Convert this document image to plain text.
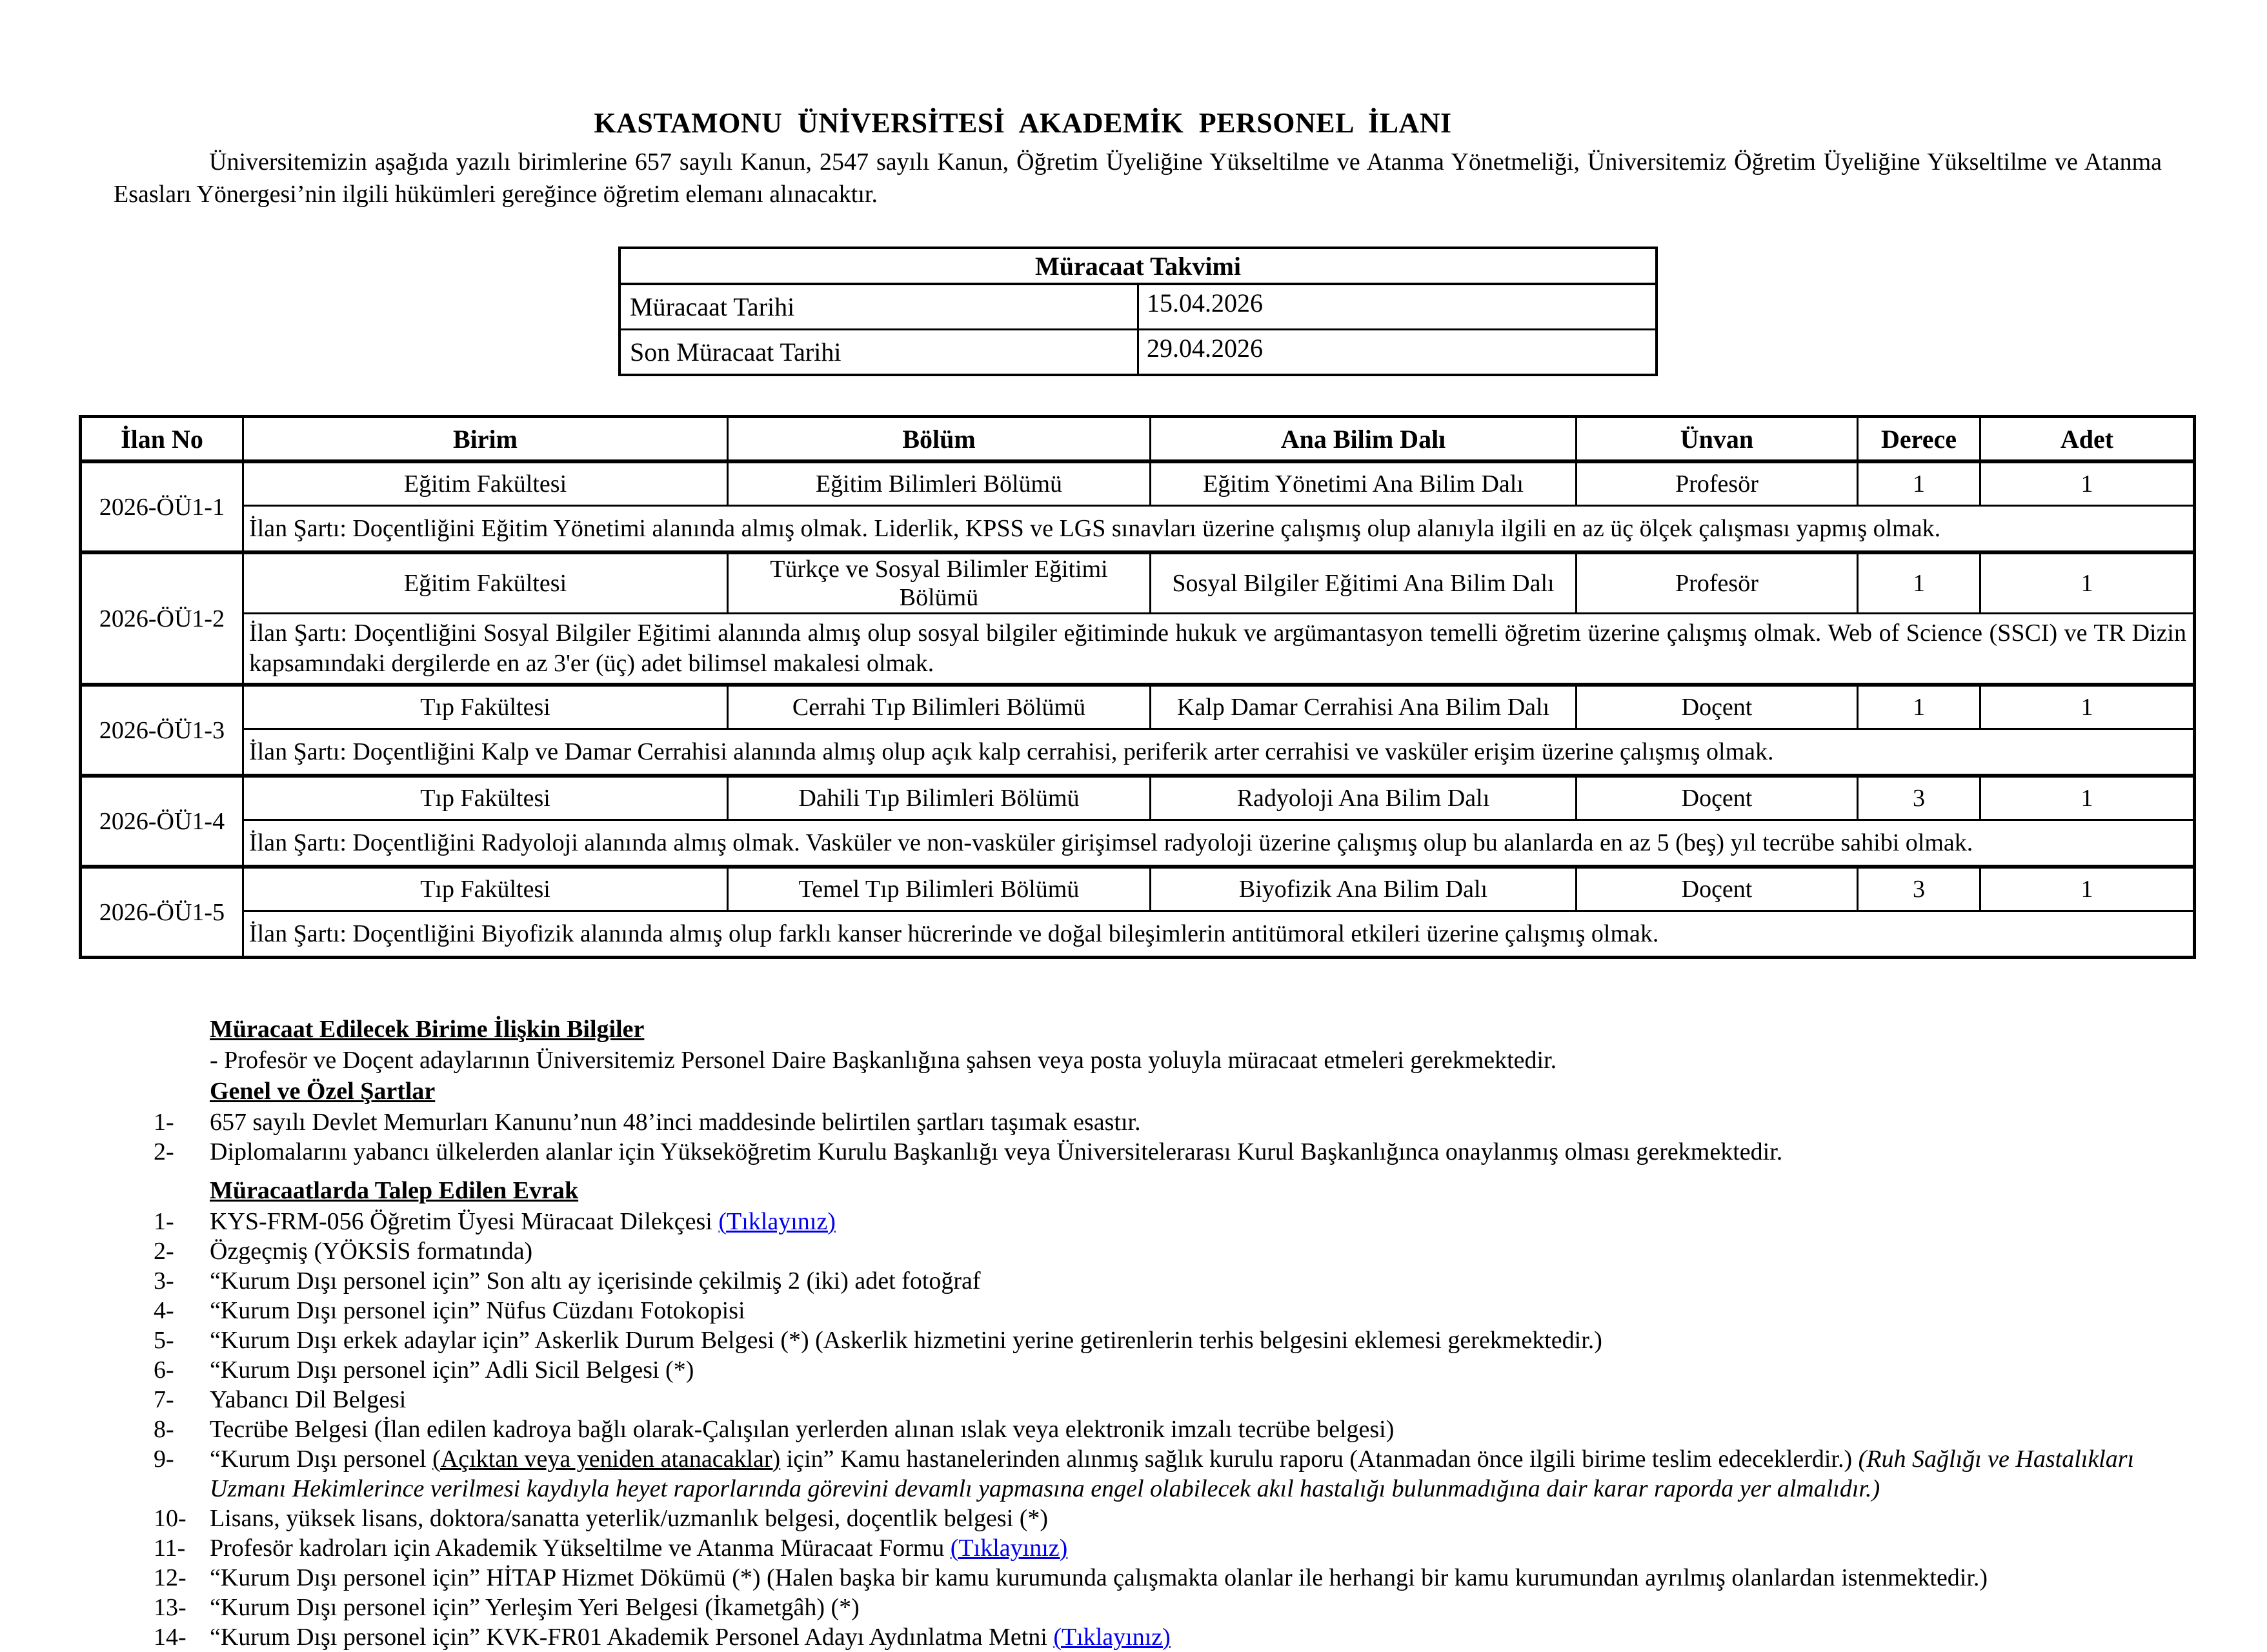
KASTAMONU ÜNİVERSİTESİ AKADEMİK PERSONEL İLANI

Üniversitemizin aşağıda yazılı birimlerine 657 sayılı Kanun, 2547 sayılı Kanun, Öğretim Üyeliğine Yükseltilme ve Atanma Yönetmeliği, Üniversitemiz Öğretim Üyeliğine Yükseltilme ve Atanma Esasları Yönergesi’nin ilgili hükümleri gereğince öğretim elemanı alınacaktır.

Müracaat Takvimi	
Müracaat Tarihi	15.04.2026
Son Müracaat Tarihi	29.04.2026
İlan No	Birim	Bölüm	Ana Bilim Dalı	Ünvan	Derece	Adet
2026-ÖÜ1-1	Eğitim Fakültesi	Eğitim Bilimleri Bölümü	Eğitim Yönetimi Ana Bilim Dalı	Profesör	1	1
	İlan Şartı: Doçentliğini Eğitim Yönetimi alanında almış olmak. Liderlik, KPSS ve LGS sınavları üzerine çalışmış olup alanıyla ilgili en az üç ölçek çalışması yapmış olmak.					
2026-ÖÜ1-2	Eğitim Fakültesi	Türkçe ve Sosyal Bilimler Eğitimi Bölümü	Sosyal Bilgiler Eğitimi Ana Bilim Dalı	Profesör	1	1
	İlan Şartı: Doçentliğini Sosyal Bilgiler Eğitimi alanında almış olup sosyal bilgiler eğitiminde hukuk ve argümantasyon temelli öğretim üzerine çalışmış olmak. Web of Science (SSCI) ve TR Dizin kapsamındaki dergilerde en az 3'er (üç) adet bilimsel makalesi olmak.					
2026-ÖÜ1-3	Tıp Fakültesi	Cerrahi Tıp Bilimleri Bölümü	Kalp Damar Cerrahisi Ana Bilim Dalı	Doçent	1	1
	İlan Şartı: Doçentliğini Kalp ve Damar Cerrahisi alanında almış olup açık kalp cerrahisi, periferik arter cerrahisi ve vasküler erişim üzerine çalışmış olmak.					
2026-ÖÜ1-4	Tıp Fakültesi	Dahili Tıp Bilimleri Bölümü	Radyoloji Ana Bilim Dalı	Doçent	3	1
	İlan Şartı: Doçentliğini Radyoloji alanında almış olmak. Vasküler ve non-vasküler girişimsel radyoloji üzerine çalışmış olup bu alanlarda en az 5 (beş) yıl tecrübe sahibi olmak.					
2026-ÖÜ1-5	Tıp Fakültesi	Temel Tıp Bilimleri Bölümü	Biyofizik Ana Bilim Dalı	Doçent	3	1
	İlan Şartı: Doçentliğini Biyofizik alanında almış olup farklı kanser hücrerinde ve doğal bileşimlerin antitümoral etkileri üzerine çalışmış olmak.					
Müracaat Edilecek Birime İlişkin Bilgiler
- Profesör ve Doçent adaylarının Üniversitemiz Personel Daire Başkanlığına şahsen veya posta yoluyla müracaat etmeleri gerekmektedir.
Genel ve Özel Şartlar
1-	657 sayılı Devlet Memurları Kanunu’nun 48’inci maddesinde belirtilen şartları taşımak esastır.
2-	Diplomalarını yabancı ülkelerden alanlar için Yükseköğretim Kurulu Başkanlığı veya Üniversitelerarası Kurul Başkanlığınca onaylanmış olması gerekmektedir.
Müracaatlarda Talep Edilen Evrak
1-	KYS-FRM-056 Öğretim Üyesi Müracaat Dilekçesi (Tıklayınız)
2-	Özgeçmiş (YÖKSİS formatında)
3-	“Kurum Dışı personel için” Son altı ay içerisinde çekilmiş 2 (iki) adet fotoğraf
4-	“Kurum Dışı personel için” Nüfus Cüzdanı Fotokopisi
5-	“Kurum Dışı erkek adaylar için” Askerlik Durum Belgesi (*) (Askerlik hizmetini yerine getirenlerin terhis belgesini eklemesi gerekmektedir.)
6-	“Kurum Dışı personel için” Adli Sicil Belgesi (*)
7-	Yabancı Dil Belgesi
8-	Tecrübe Belgesi (İlan edilen kadroya bağlı olarak-Çalışılan yerlerden alınan ıslak veya elektronik imzalı tecrübe belgesi)
9-	“Kurum Dışı personel (Açıktan veya yeniden atanacaklar) için” Kamu hastanelerinden alınmış sağlık kurulu raporu (Atanmadan önce ilgili birime teslim edeceklerdir.) (Ruh Sağlığı ve Hastalıkları Uzmanı Hekimlerince verilmesi kaydıyla heyet raporlarında görevini devamlı yapmasına engel olabilecek akıl hastalığı bulunmadığına dair karar raporda yer almalıdır.)
10- Lisans, yüksek lisans, doktora/sanatta yeterlik/uzmanlık belgesi, doçentlik belgesi (*)
11- Profesör kadroları için Akademik Yükseltilme ve Atanma Müracaat Formu (Tıklayınız)
12- “Kurum Dışı personel için” HİTAP Hizmet Dökümü (*) (Halen başka bir kamu kurumunda çalışmakta olanlar ile herhangi bir kamu kurumundan ayrılmış olanlardan istenmektedir.)
13- “Kurum Dışı personel için” Yerleşim Yeri Belgesi (İkametgâh) (*)
14- “Kurum Dışı personel için” KVK-FR01 Akademik Personel Adayı Aydınlatma Metni (Tıklayınız)
